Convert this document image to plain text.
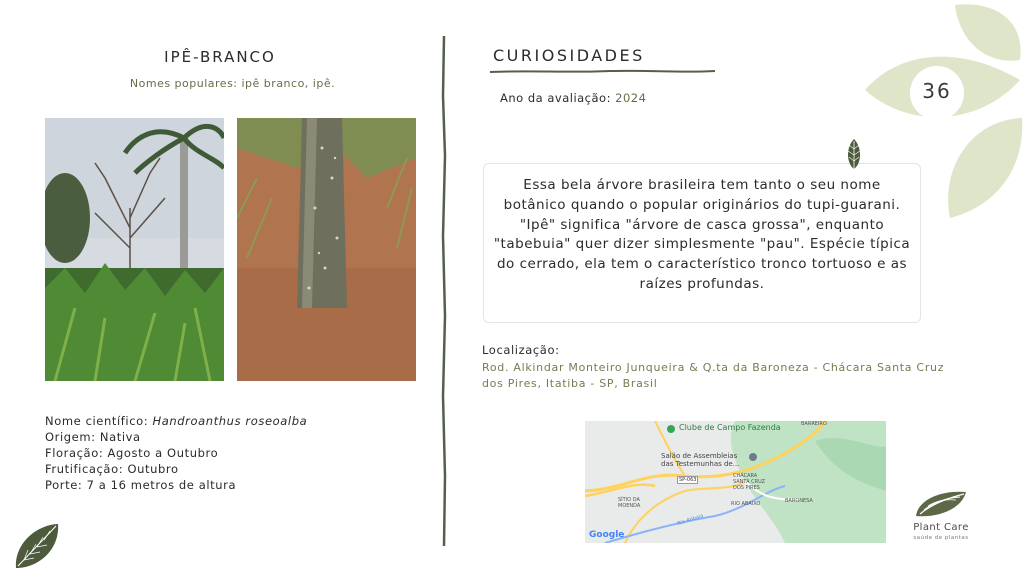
36
IPÊ-BRANCO
Nomes populares: ipê branco, ipê.
Nome científico: Handroanthus roseoalba
Origem: Nativa
Floração: Agosto a Outubro
Frutificação: Outubro
Porte: 7 a 16 metros de altura
CURIOSIDADES
Ano da avaliação: 2024
Essa bela árvore brasileira tem tanto o seu nome botânico quando o popular originários do tupi-guarani. "Ipê" significa "árvore de casca grossa", enquanto "tabebuia" quer dizer simplesmente "pau". Espécie típica do cerrado, ela tem o característico tronco tortuoso e as raízes profundas.
Localização:
Rod. Alkindar Monteiro Junqueira & Q.ta da Baroneza - Chácara Santa Cruz dos Pires, Itatiba - SP, Brasil
Clube de Campo Fazenda	BARREIRO
Salão de Assembleias
das Testemunhas de...
SP-063
CHÁCARA
SANTA CRUZ
DOS PIRES
SÍTIO DA
MOENDA	RIO ABAIXO	BARONESA
Rio Atibaia
Google
Plant Care
saúde de plantas
